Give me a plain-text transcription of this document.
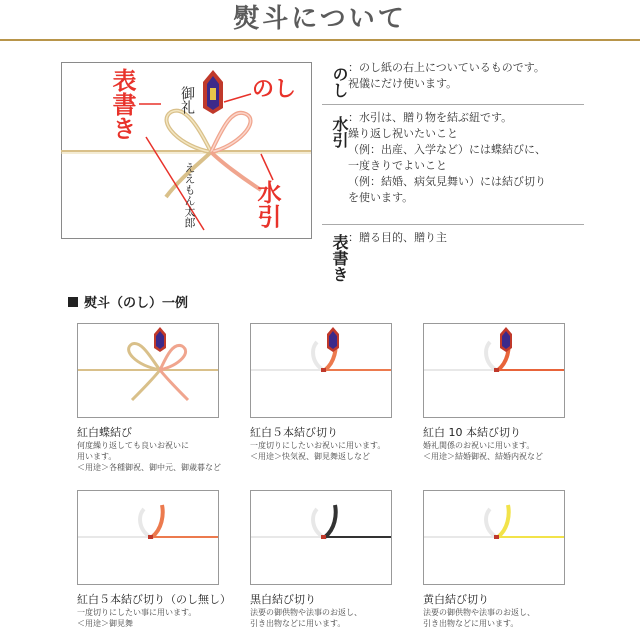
熨斗について
御礼
ええもん太郎
表書き	のし
水引
のし ：のし紙の右上についているものです。
祝儀にだけ使います。
水引 ：水引は、贈り物を結ぶ紐です。
繰り返し祝いたいこと
（例：出産、入学など）には蝶結びに、
一度きりでよいこと
（例：結婚、病気見舞い）には結び切り
を使います。
表書き ：贈る目的、贈り主
熨斗（のし）一例
紅白蝶結び
何度繰り返しても良いお祝いに
用います。
＜用途＞各種御祝、御中元、御歳暮など
紅白５本結び切り
一度切りにしたいお祝いに用います。
＜用途＞快気祝、御見舞返しなど
紅白 10 本結び切り
婚礼関係のお祝いに用います。
＜用途＞結婚御祝、結婚内祝など
紅白５本結び切り（のし無し）
一度切りにしたい事に用います。
＜用途＞御見舞
黒白結び切り
法要の御供物や法事のお返し、
引き出物などに用います。
黄白結び切り
法要の御供物や法事のお返し、
引き出物などに用います。
